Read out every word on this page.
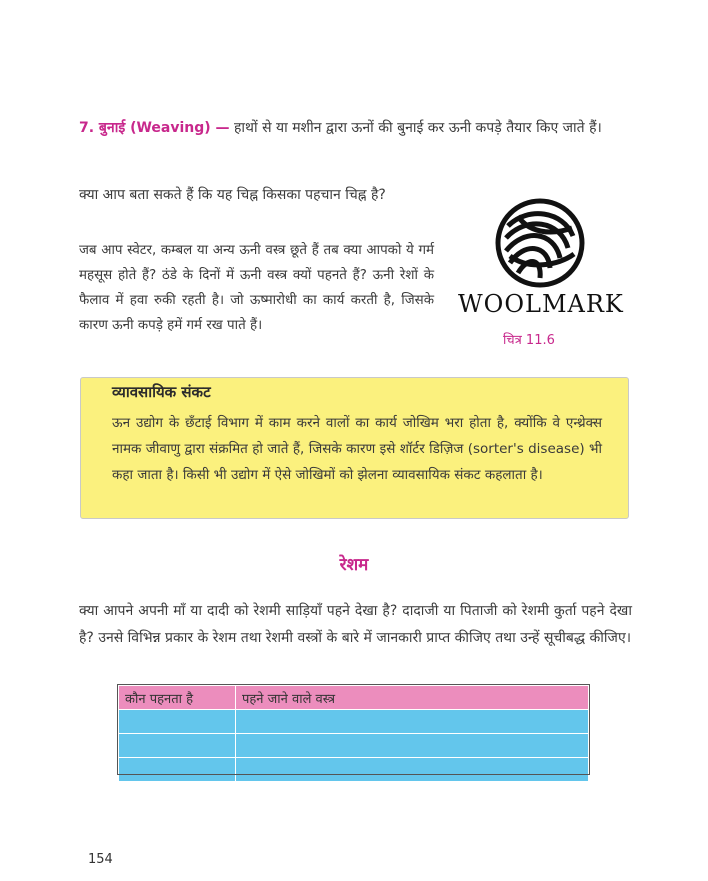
7. बुनाई (Weaving) — हाथों से या मशीन द्वारा ऊनों की बुनाई कर ऊनी कपड़े तैयार किए जाते हैं।
क्या आप बता सकते हैं कि यह चिह्न किसका पहचान चिह्न है?
जब आप स्वेटर, कम्बल या अन्य ऊनी वस्त्र छूते हैं तब क्या आपको ये गर्म महसूस होते हैं? ठंडे के दिनों में ऊनी वस्त्र क्यों पहनते हैं? ऊनी रेशों के फैलाव में हवा रुकी रहती है। जो ऊष्मारोधी का कार्य करती है, जिसके कारण ऊनी कपड़े हमें गर्म रख पाते हैं।
WOOLMARK
चित्र 11.6
व्यावसायिक संकट
ऊन उद्योग के छँटाई विभाग में काम करने वालों का कार्य जोखिम भरा होता है, क्योंकि वे एन्थ्रेक्स नामक जीवाणु द्वारा संक्रमित हो जाते हैं, जिसके कारण इसे शॉर्टर डिज़िज (sorter's disease) भी कहा जाता है। किसी भी उद्योग में ऐसे जोखिमों को झेलना व्यावसायिक संकट कहलाता है।
रेशम
क्या आपने अपनी माँ या दादी को रेशमी साड़ियाँ पहने देखा है? दादाजी या पिताजी को रेशमी कुर्ता पहने देखा है? उनसे विभिन्न प्रकार के रेशम तथा रेशमी वस्त्रों के बारे में जानकारी प्राप्त कीजिए तथा उन्हें सूचीबद्ध कीजिए।
कौन पहनता है	पहने जाने वाले वस्त्र

154
